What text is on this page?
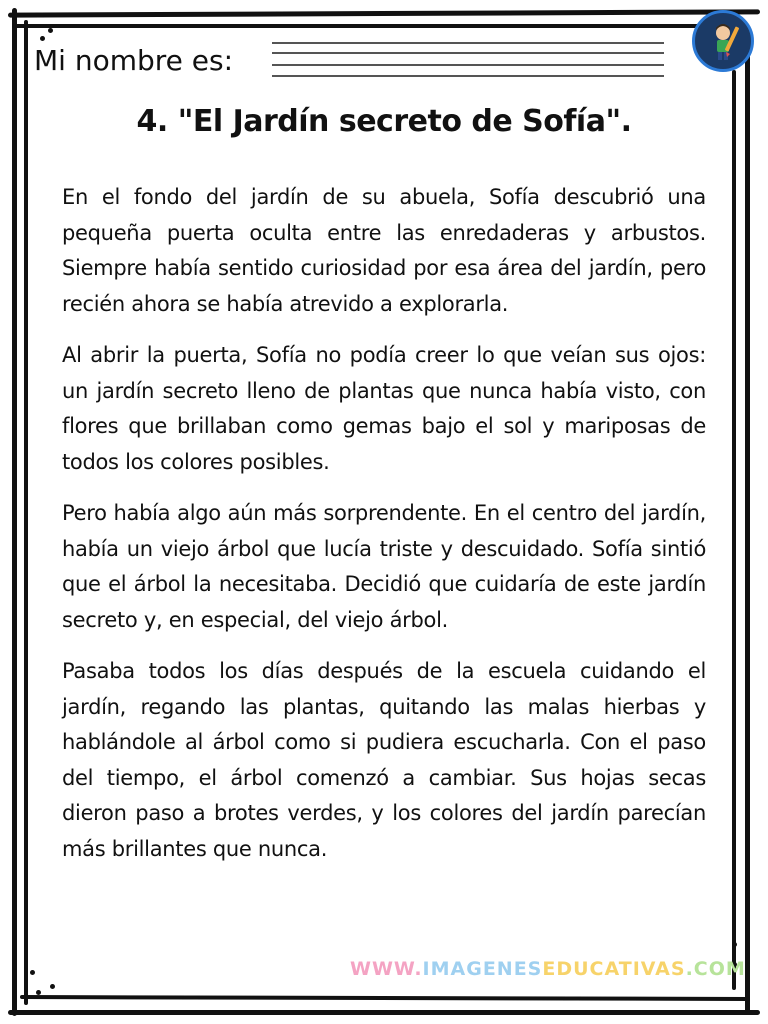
Mi nombre es:
4. "El Jardín secreto de Sofía".

En el fondo del jardín de su abuela, Sofía descubrió una pequeña puerta oculta entre las enredaderas y arbustos. Siempre había sentido curiosidad por esa área del jardín, pero recién ahora se había atrevido a explorarla.

Al abrir la puerta, Sofía no podía creer lo que veían sus ojos: un jardín secreto lleno de plantas que nunca había visto, con flores que brillaban como gemas bajo el sol y mariposas de todos los colores posibles.

Pero había algo aún más sorprendente. En el centro del jardín, había un viejo árbol que lucía triste y descuidado. Sofía sintió que el árbol la necesitaba. Decidió que cuidaría de este jardín secreto y, en especial, del viejo árbol.

Pasaba todos los días después de la escuela cuidando el jardín, regando las plantas, quitando las malas hierbas y hablándole al árbol como si pudiera escucharla. Con el paso del tiempo, el árbol comenzó a cambiar. Sus hojas secas dieron paso a brotes verdes, y los colores del jardín parecían más brillantes que nunca.

WWW.IMAGENESEDUCATIVAS.COM
